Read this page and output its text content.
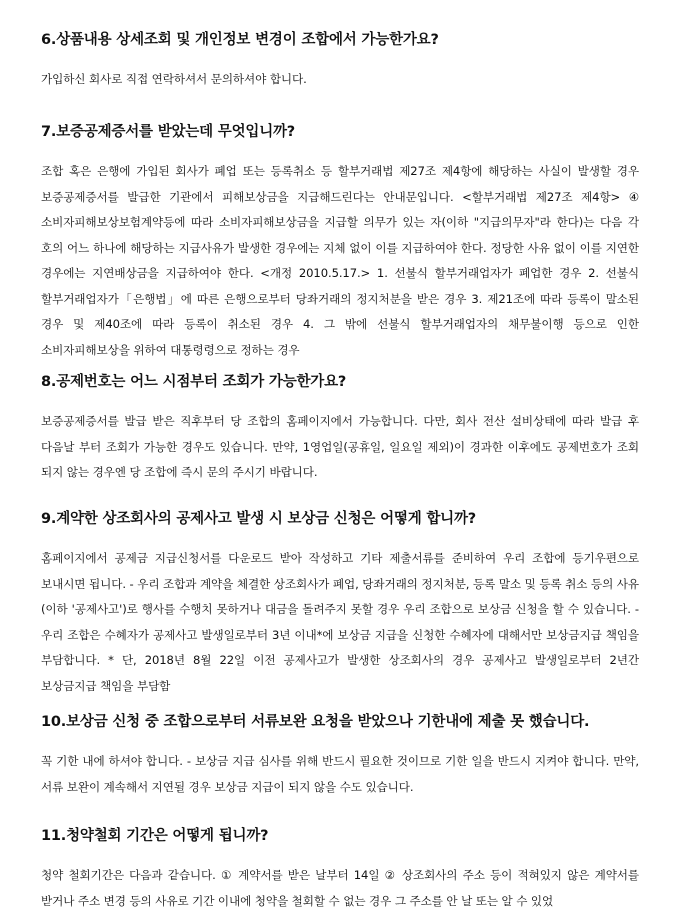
6.상품내용 상세조회 및 개인정보 변경이 조합에서 가능한가요?

가입하신 회사로 직접 연락하셔서 문의하셔야 합니다.

7.보증공제증서를 받았는데 무엇입니까?

조합 혹은 은행에 가입된 회사가 폐업 또는 등록취소 등 할부거래법 제27조 제4항에 해당하는 사실이 발생할 경우 보증공제증서를 발급한 기관에서 피해보상금을 지급해드린다는 안내문입니다. <할부거래법 제27조 제4항> ④ 소비자피해보상보험계약등에 따라 소비자피해보상금을 지급할 의무가 있는 자(이하 "지급의무자"라 한다)는 다음 각 호의 어느 하나에 해당하는 지급사유가 발생한 경우에는 지체 없이 이를 지급하여야 한다. 정당한 사유 없이 이를 지연한 경우에는 지연배상금을 지급하여야 한다. <개정 2010.5.17.> 1. 선불식 할부거래업자가 폐업한 경우 2. 선불식 할부거래업자가「은행법」에 따른 은행으로부터 당좌거래의 정지처분을 받은 경우 3. 제21조에 따라 등록이 말소된 경우 및 제40조에 따라 등록이 취소된 경우 4. 그 밖에 선불식 할부거래업자의 채무불이행 등으로 인한 소비자피해보상을 위하여 대통령령으로 정하는 경우

8.공제번호는 어느 시점부터 조회가 가능한가요?

보증공제증서를 발급 받은 직후부터 당 조합의 홈페이지에서 가능합니다. 다만, 회사 전산 설비상태에 따라 발급 후 다음날 부터 조회가 가능한 경우도 있습니다. 만약, 1영업일(공휴일, 일요일 제외)이 경과한 이후에도 공제번호가 조회 되지 않는 경우엔 당 조합에 즉시 문의 주시기 바랍니다.

9.계약한 상조회사의 공제사고 발생 시 보상금 신청은 어떻게 합니까?

홈페이지에서 공제금 지급신청서를 다운로드 받아 작성하고 기타 제출서류를 준비하여 우리 조합에 등기우편으로 보내시면 됩니다. - 우리 조합과 계약을 체결한 상조회사가 폐업, 당좌거래의 정지처분, 등록 말소 및 등록 취소 등의 사유(이하 '공제사고')로 행사를 수행치 못하거나 대금을 돌려주지 못할 경우 우리 조합으로 보상금 신청을 할 수 있습니다. - 우리 조합은 수혜자가 공제사고 발생일로부터 3년 이내*에 보상금 지급을 신청한 수혜자에 대해서만 보상금지급 책임을 부담합니다. * 단, 2018년 8월 22일 이전 공제사고가 발생한 상조회사의 경우 공제사고 발생일로부터 2년간 보상금지급 책임을 부담함

10.보상금 신청 중 조합으로부터 서류보완 요청을 받았으나 기한내에 제출 못 했습니다.

꼭 기한 내에 하셔야 합니다. - 보상금 지급 심사를 위해 반드시 필요한 것이므로 기한 일을 반드시 지켜야 합니다. 만약, 서류 보완이 계속해서 지연될 경우 보상금 지급이 되지 않을 수도 있습니다.

11.청약철회 기간은 어떻게 됩니까?

청약 철회기간은 다음과 같습니다. ① 계약서를 받은 날부터 14일 ② 상조회사의 주소 등이 적혀있지 않은 계약서를 받거나 주소 변경 등의 사유로 기간 이내에 청약을 철회할 수 없는 경우 그 주소를 안 날 또는 알 수 있었
